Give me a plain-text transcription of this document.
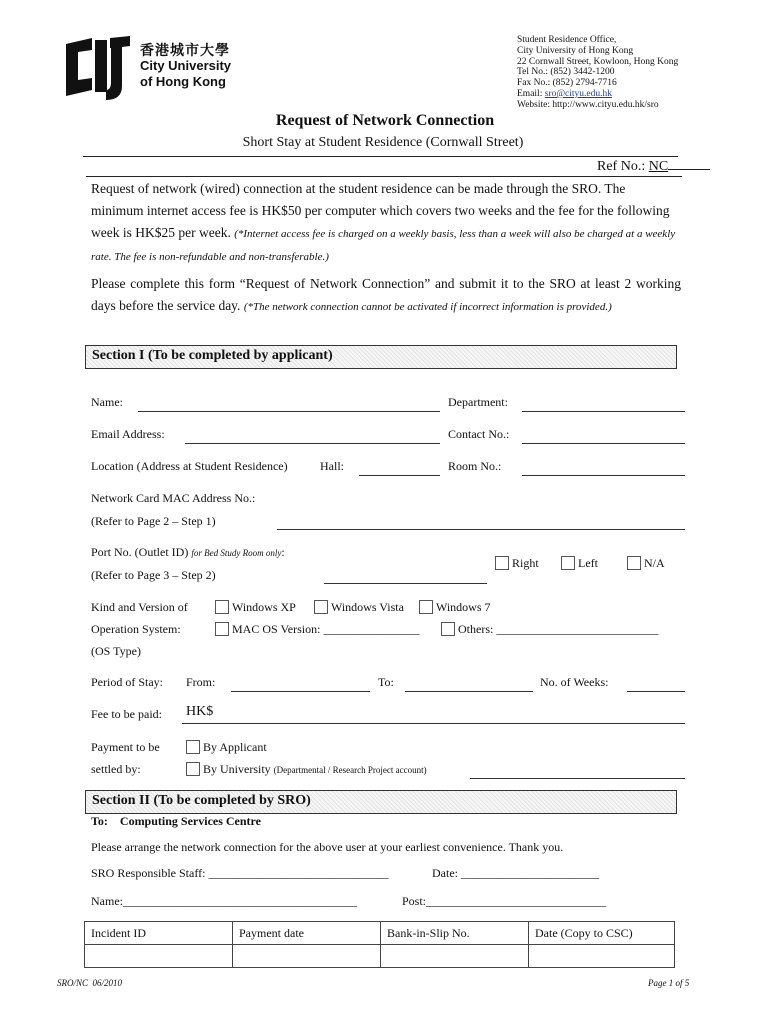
香港城市大學
City University
of Hong Kong
Student Residence Office,
City University of Hong Kong
22 Cornwall Street, Kowloon, Hong Kong
Tel No.: (852) 3442-1200
Fax No.: (852) 2794-7716
Email: sro@cityu.edu.hk
Website: http://www.cityu.edu.hk/sro
Request of Network Connection
Short Stay at Student Residence (Cornwall Street)
Ref No.: NC
Request of network (wired) connection at the student residence can be made through the SRO. The minimum internet access fee is HK$50 per computer which covers two weeks and the fee for the following week is HK$25 per week. (*Internet access fee is charged on a weekly basis, less than a week will also be charged at a weekly rate. The fee is non-refundable and non-transferable.)
Please complete this form “Request of Network Connection” and submit it to the SRO at least 2 working days before the service day. (*The network connection cannot be activated if incorrect information is provided.)
Section I (To be completed by applicant)
Name:	Department:
Email Address:	Contact No.:
Location (Address at Student Residence)	Hall:	Room No.:
Network Card MAC Address No.:
(Refer to Page 2 – Step 1)
Port No. (Outlet ID) for Bed Study Room only:
(Refer to Page 3 – Step 2)
Right	Left	N/A
Kind and Version of
Operation System:
(OS Type)
Windows XP	Windows Vista	Windows 7
MAC OS Version: ________________	Others: ___________________________
Period of Stay: From:	To:	No. of Weeks:
Fee to be paid: HK$
Payment to be
settled by:
By Applicant
By University (Departmental / Research Project account)
Section II (To be completed by SRO)
To:    Computing Services Centre
Please arrange the network connection for the above user at your earliest convenience. Thank you.
SRO Responsible Staff: ______________________________	Date: _______________________
Name:_______________________________________	Post:______________________________
Incident ID	Payment date	Bank-in-Slip No.	Date (Copy to CSC)

SRO/NC  06/2010	Page 1 of 5
